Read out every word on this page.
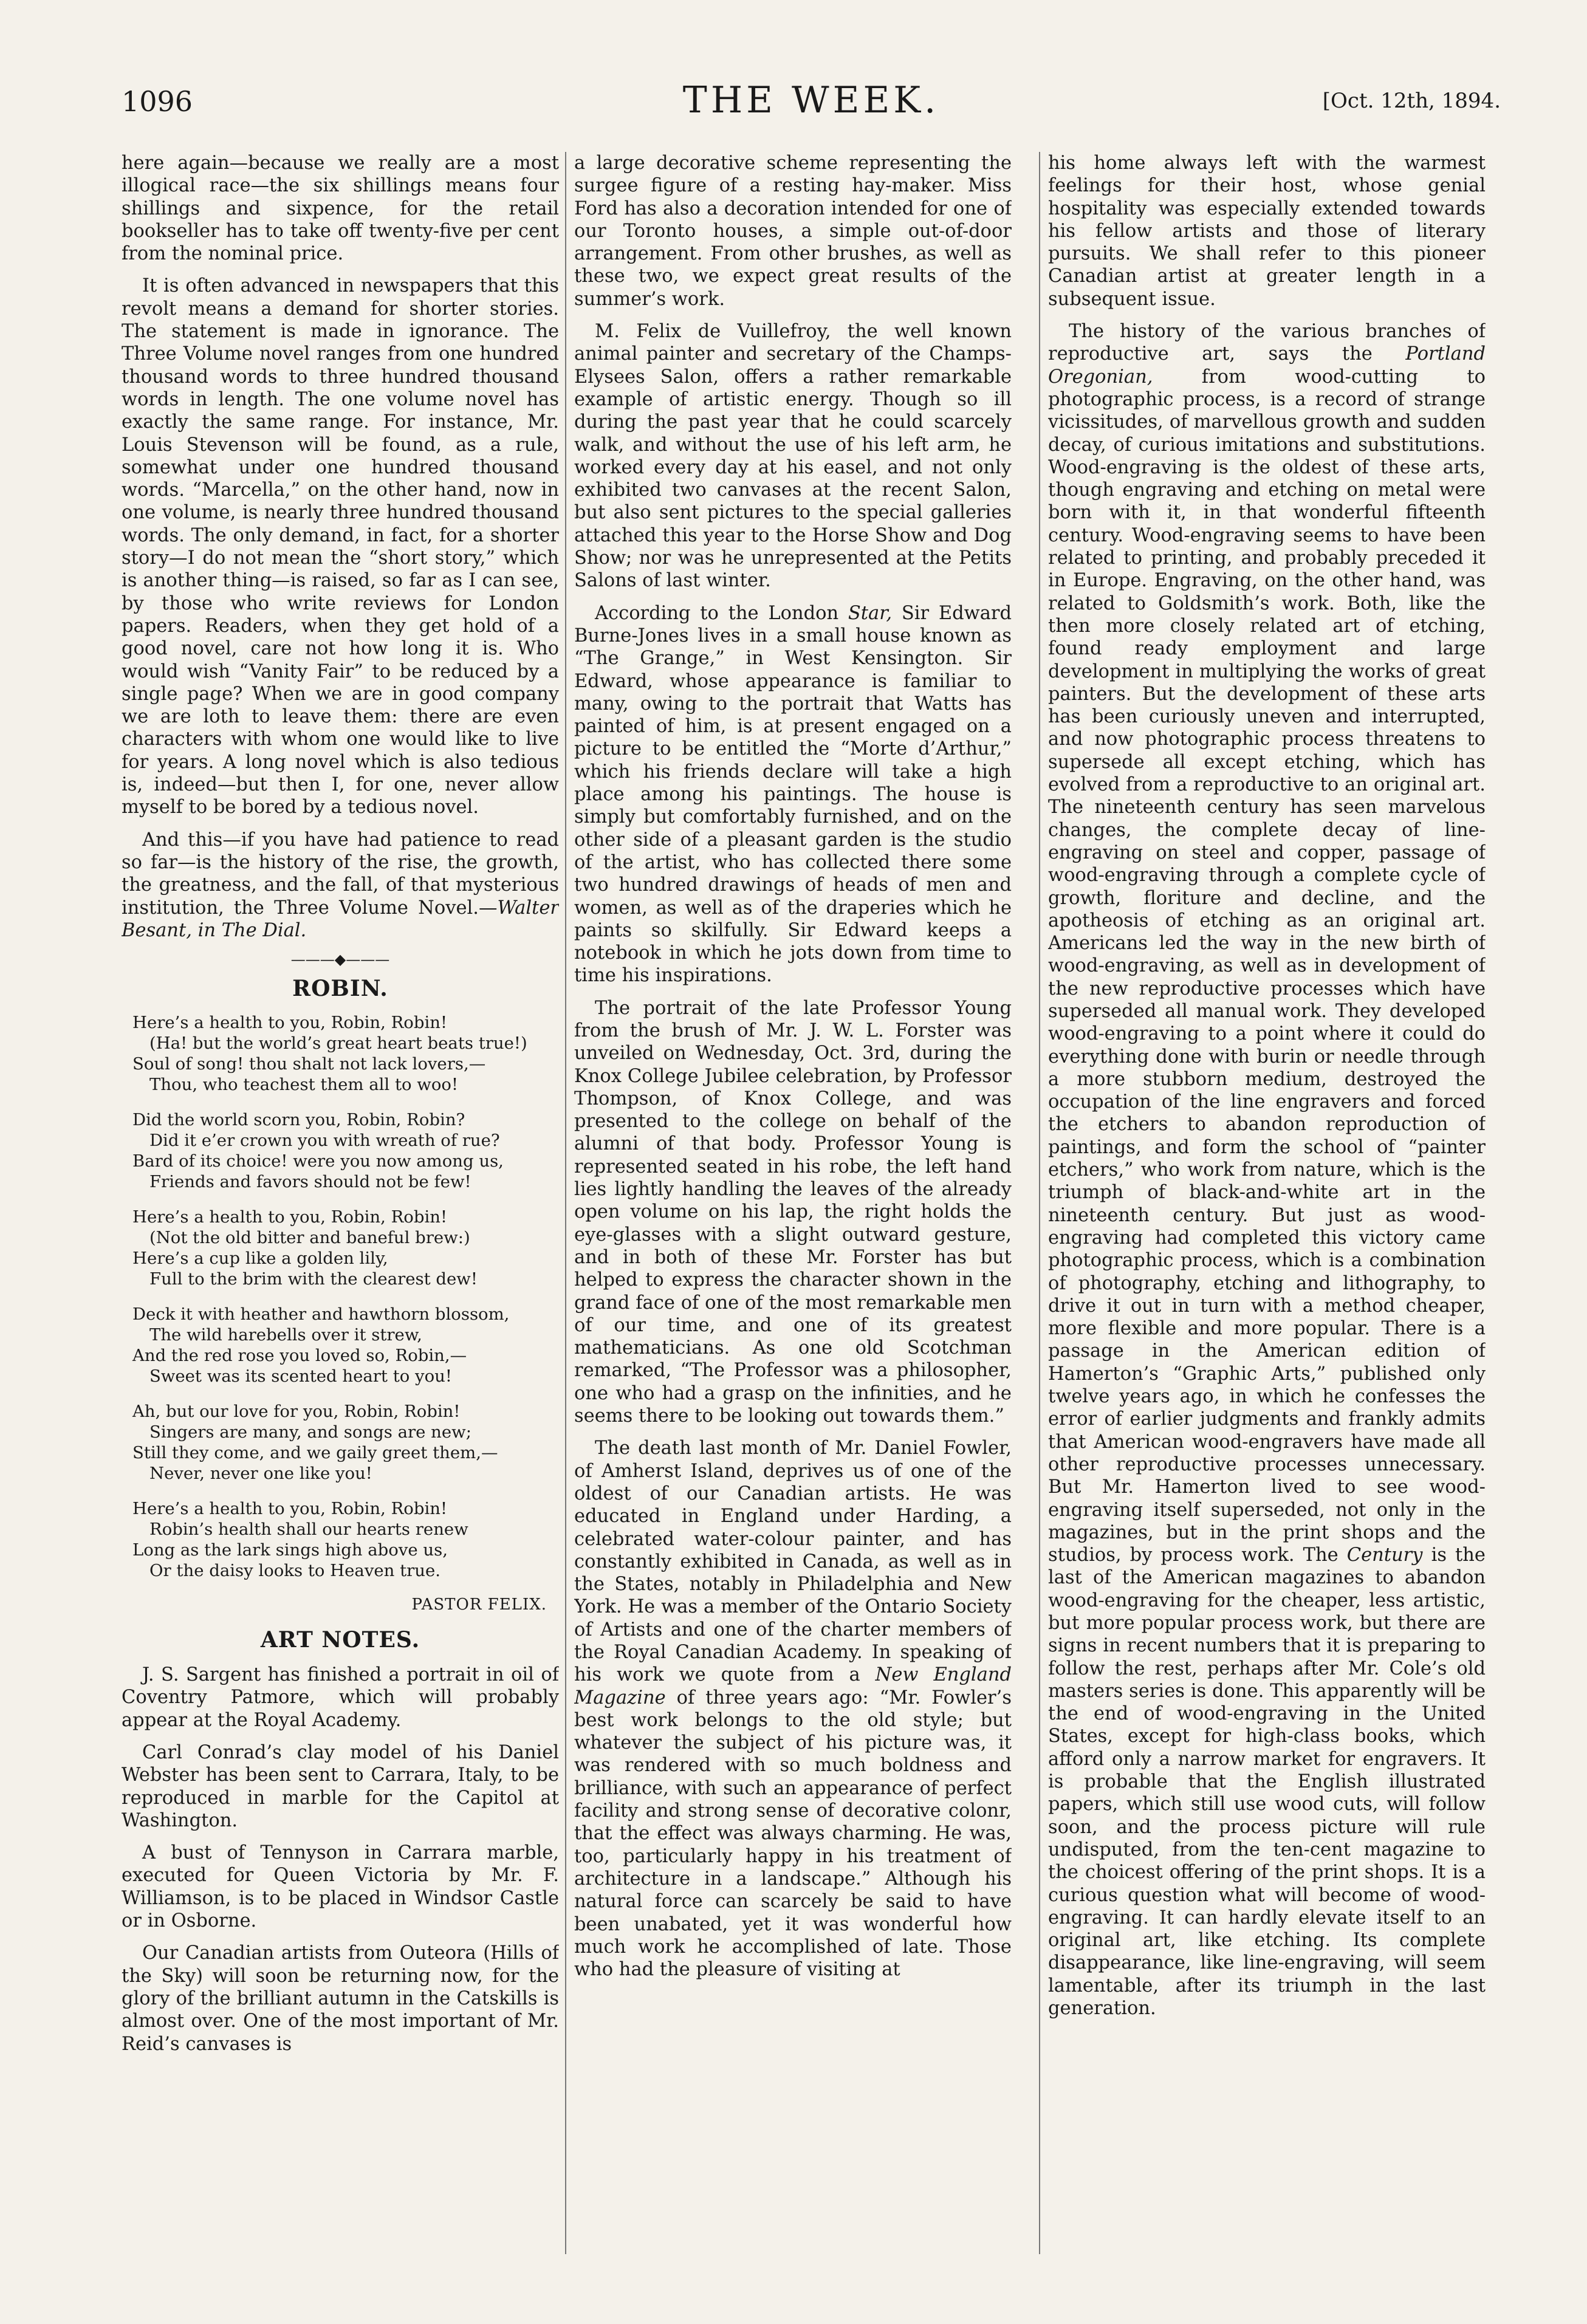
1096	THE WEEK.	[Oct. 12th, 1894.

here again—because we really are a most illogical race—the six shillings means four shillings and sixpence, for the retail bookseller has to take off twenty-five per cent from the nominal price.

It is often advanced in newspapers that this revolt means a demand for shorter stories. The statement is made in ignorance. The Three Volume novel ranges from one hundred thousand words to three hundred thousand words in length. The one volume novel has exactly the same range. For instance, Mr. Louis Stevenson will be found, as a rule, somewhat under one hundred thousand words. “Marcella,” on the other hand, now in one volume, is nearly three hundred thousand words. The only demand, in fact, for a shorter story—I do not mean the “short story,” which is another thing—is raised, so far as I can see, by those who write reviews for London papers. Readers, when they get hold of a good novel, care not how long it is. Who would wish “Vanity Fair” to be reduced by a single page? When we are in good company we are loth to leave them: there are even characters with whom one would like to live for years. A long novel which is also tedious is, indeed—but then I, for one, never allow myself to be bored by a tedious novel.

And this—if you have had patience to read so far—is the history of the rise, the growth, the greatness, and the fall, of that mysterious institution, the Three Volume Novel.—Walter Besant, in The Dial.

———◆———
ROBIN.
Here’s a health to you, Robin, Robin!
(Ha! but the world’s great heart beats true!)
Soul of song! thou shalt not lack lovers,—
Thou, who teachest them all to woo!
Did the world scorn you, Robin, Robin?
Did it e’er crown you with wreath of rue?
Bard of its choice! were you now among us,
Friends and favors should not be few!
Here’s a health to you, Robin, Robin!
(Not the old bitter and baneful brew:)
Here’s a cup like a golden lily,
Full to the brim with the clearest dew!
Deck it with heather and hawthorn blossom,
The wild harebells over it strew,
And the red rose you loved so, Robin,—
Sweet was its scented heart to you!
Ah, but our love for you, Robin, Robin!
Singers are many, and songs are new;
Still they come, and we gaily greet them,—
Never, never one like you!
Here’s a health to you, Robin, Robin!
Robin’s health shall our hearts renew
Long as the lark sings high above us,
Or the daisy looks to Heaven true.
PASTOR FELIX.
ART NOTES.

J. S. Sargent has finished a portrait in oil of Coventry Patmore, which will probably appear at the Royal Academy.

Carl Conrad’s clay model of his Daniel Webster has been sent to Carrara, Italy, to be reproduced in marble for the Capitol at Washington.

A bust of Tennyson in Carrara marble, executed for Queen Victoria by Mr. F. Williamson, is to be placed in Windsor Castle or in Osborne.

Our Canadian artists from Outeora (Hills of the Sky) will soon be returning now, for the glory of the brilliant autumn in the Catskills is almost over. One of the most important of Mr. Reid’s canvases is

a large decorative scheme representing the surgee figure of a resting hay-maker. Miss Ford has also a decoration intended for one of our Toronto houses, a simple out-of-door arrangement. From other brushes, as well as these two, we expect great results of the summer’s work.

M. Felix de Vuillefroy, the well known animal painter and secretary of the Champs-Elysees Salon, offers a rather remarkable example of artistic energy. Though so ill during the past year that he could scarcely walk, and without the use of his left arm, he worked every day at his easel, and not only exhibited two canvases at the recent Salon, but also sent pictures to the special galleries attached this year to the Horse Show and Dog Show; nor was he unrepresented at the Petits Salons of last winter.

According to the London Star, Sir Edward Burne-Jones lives in a small house known as “The Grange,” in West Kensington. Sir Edward, whose appearance is familiar to many, owing to the portrait that Watts has painted of him, is at present engaged on a picture to be entitled the “Morte d’Arthur,” which his friends declare will take a high place among his paintings. The house is simply but comfortably furnished, and on the other side of a pleasant garden is the studio of the artist, who has collected there some two hundred drawings of heads of men and women, as well as of the draperies which he paints so skilfully. Sir Edward keeps a notebook in which he jots down from time to time his inspirations.

The portrait of the late Professor Young from the brush of Mr. J. W. L. Forster was unveiled on Wednesday, Oct. 3rd, during the Knox College Jubilee celebration, by Professor Thompson, of Knox College, and was presented to the college on behalf of the alumni of that body. Professor Young is represented seated in his robe, the left hand lies lightly handling the leaves of the already open volume on his lap, the right holds the eye-glasses with a slight outward gesture, and in both of these Mr. Forster has but helped to express the character shown in the grand face of one of the most remarkable men of our time, and one of its greatest mathematicians. As one old Scotchman remarked, “The Professor was a philosopher, one who had a grasp on the infinities, and he seems there to be looking out towards them.”

The death last month of Mr. Daniel Fowler, of Amherst Island, deprives us of one of the oldest of our Canadian artists. He was educated in England under Harding, a celebrated water-colour painter, and has constantly exhibited in Canada, as well as in the States, notably in Philadelphia and New York. He was a member of the Ontario Society of Artists and one of the charter members of the Royal Canadian Academy. In speaking of his work we quote from a New England Magazine of three years ago: “Mr. Fowler’s best work belongs to the old style; but whatever the subject of his picture was, it was rendered with so much boldness and brilliance, with such an appearance of perfect facility and strong sense of decorative colonr, that the effect was always charming. He was, too, particularly happy in his treatment of architecture in a landscape.” Although his natural force can scarcely be said to have been unabated, yet it was wonderful how much work he accomplished of late. Those who had the pleasure of visiting at

his home always left with the warmest feelings for their host, whose genial hospitality was especially extended towards his fellow artists and those of literary pursuits. We shall refer to this pioneer Canadian artist at greater length in a subsequent issue.

The history of the various branches of reproductive art, says the Portland Oregonian,	from wood-cutting to photographic process, is a record of strange vicissitudes, of marvellous growth and sudden decay, of curious imitations and substitutions. Wood-engraving is the oldest of these arts, though engraving and etching on metal were born with it, in that wonderful fifteenth century. Wood-engraving seems to have been related to printing, and probably preceded it in Europe. Engraving, on the other hand, was related to Goldsmith’s work. Both, like the then more closely related art of etching, found ready employment and large development in multiplying the works of great painters. But the development of these arts has been curiously uneven and interrupted, and now photographic process threatens to supersede all except etching, which has evolved from a reproductive to an original art. The nineteenth century has seen marvelous changes, the complete decay of line-engraving on steel and copper, passage of wood-engraving through a complete cycle of growth, floriture and decline, and the apotheosis of etching as an original art. Americans led the way in the new birth of wood-engraving, as well as in development of the new reproductive processes which have superseded all manual work. They developed wood-engraving to a point where it could do everything done with burin or needle through a more stubborn medium, destroyed the occupation of the line engravers and forced the etchers to abandon reproduction of paintings, and form the school of “painter etchers,” who work from nature, which is the triumph of black-and-white art in the nineteenth century. But just as wood-engraving had completed this victory came photographic process, which is a combination of photography, etching and lithography, to drive it out in turn with a method cheaper, more flexible and more popular. There is a passage in the American edition of Hamerton’s “Graphic Arts,” published only twelve years ago, in which he confesses the error of earlier judgments and frankly admits that American wood-engravers have made all other reproductive processes unnecessary. But Mr. Hamerton lived to see wood-engraving itself superseded, not only in the magazines, but in the print shops and the studios, by process work. The Century is the last of the American magazines to abandon wood-engraving for the cheaper, less artistic, but more popular process work, but there are signs in recent numbers that it is preparing to follow the rest, perhaps after Mr. Cole’s old masters series is done. This apparently will be the end of wood-engraving in the United States, except for high-class books, which afford only a narrow market for engravers. It is probable that the English illustrated papers, which still use wood cuts, will follow soon, and the process picture will rule undisputed, from the ten-cent magazine to the choicest offering of the print shops. It is a curious question what will become of wood-engraving. It can hardly elevate itself to an original art, like etching. Its complete disappearance, like line-engraving, will seem lamentable, after its triumph in the last generation.
